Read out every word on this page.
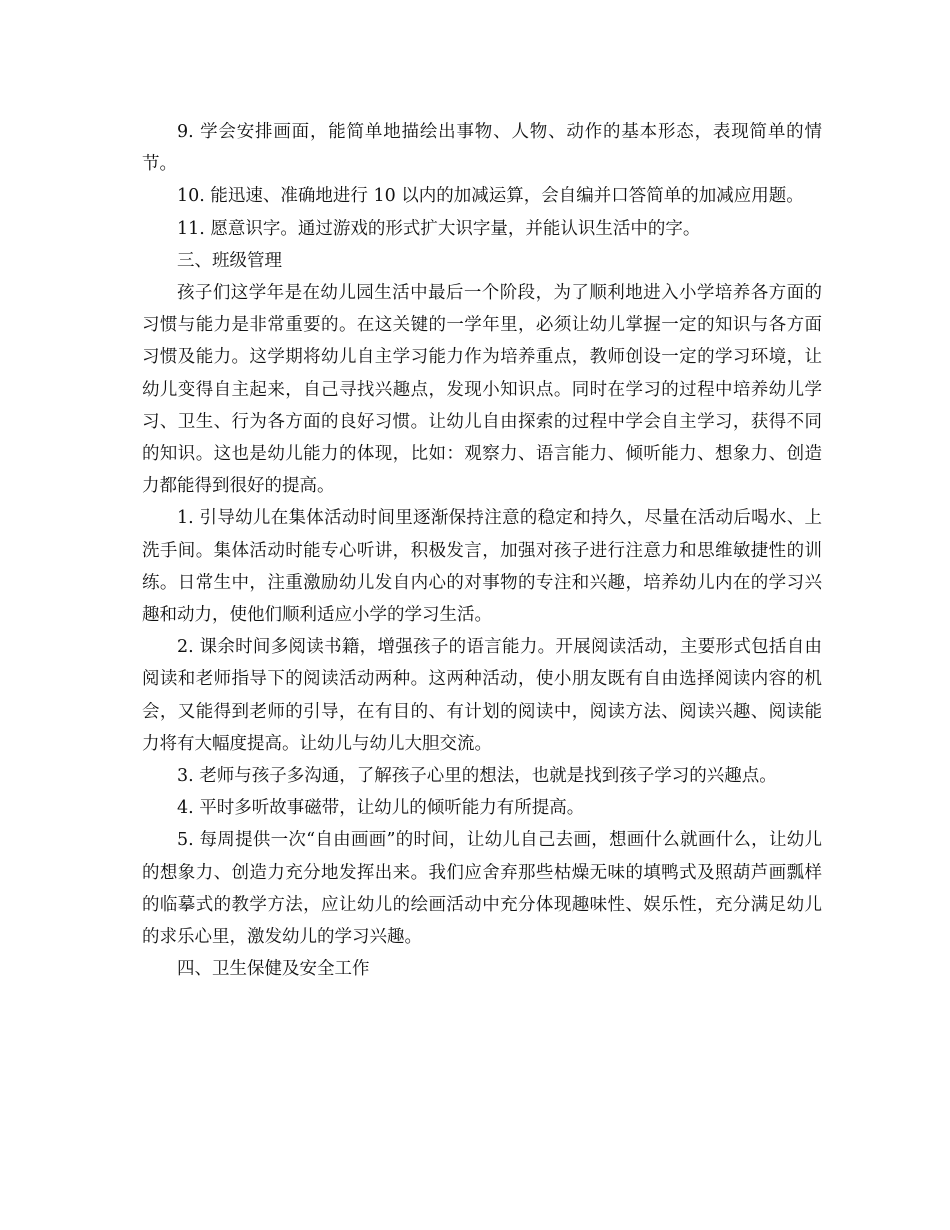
9. 学会安排画面，能简单地描绘出事物、人物、动作的基本形态，表现简单的情节。

10. 能迅速、准确地进行 10 以内的加减运算，会自编并口答简单的加减应用题。

11. 愿意识字。通过游戏的形式扩大识字量，并能认识生活中的字。

三、班级管理

孩子们这学年是在幼儿园生活中最后一个阶段，为了顺利地进入小学培养各方面的习惯与能力是非常重要的。在这关键的一学年里，必须让幼儿掌握一定的知识与各方面习惯及能力。这学期将幼儿自主学习能力作为培养重点，教师创设一定的学习环境，让幼儿变得自主起来，自己寻找兴趣点，发现小知识点。同时在学习的过程中培养幼儿学习、卫生、行为各方面的良好习惯。让幼儿自由探索的过程中学会自主学习，获得不同的知识。这也是幼儿能力的体现，比如：观察力、语言能力、倾听能力、想象力、创造力都能得到很好的提高。

1. 引导幼儿在集体活动时间里逐渐保持注意的稳定和持久，尽量在活动后喝水、上洗手间。集体活动时能专心听讲，积极发言，加强对孩子进行注意力和思维敏捷性的训练。日常生中，注重激励幼儿发自内心的对事物的专注和兴趣，培养幼儿内在的学习兴趣和动力，使他们顺利适应小学的学习生活。

2. 课余时间多阅读书籍，增强孩子的语言能力。开展阅读活动，主要形式包括自由阅读和老师指导下的阅读活动两种。这两种活动，使小朋友既有自由选择阅读内容的机会，又能得到老师的引导，在有目的、有计划的阅读中，阅读方法、阅读兴趣、阅读能力将有大幅度提高。让幼儿与幼儿大胆交流。

3. 老师与孩子多沟通，了解孩子心里的想法，也就是找到孩子学习的兴趣点。

4. 平时多听故事磁带，让幼儿的倾听能力有所提高。

5. 每周提供一次“自由画画”的时间，让幼儿自己去画，想画什么就画什么，让幼儿的想象力、创造力充分地发挥出来。我们应舍弃那些枯燥无味的填鸭式及照葫芦画瓢样的临摹式的教学方法，应让幼儿的绘画活动中充分体现趣味性、娱乐性，充分满足幼儿的求乐心里，激发幼儿的学习兴趣。

四、卫生保健及安全工作
